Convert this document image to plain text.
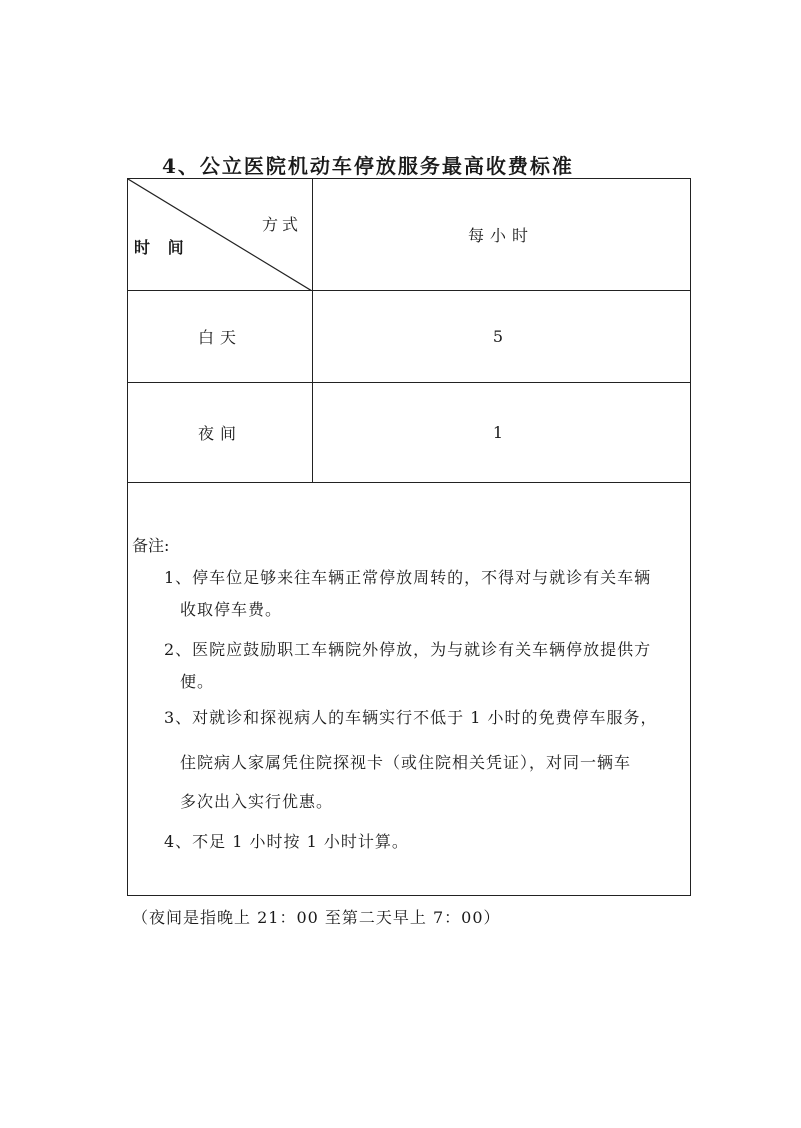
4、公立医院机动车停放服务最高收费标准
方式
时 间
每小时
白天	5
夜间	1
备注:
1、停车位足够来往车辆正常停放周转的，不得对与就诊有关车辆
收取停车费。
2、医院应鼓励职工车辆院外停放，为与就诊有关车辆停放提供方
便。
3、对就诊和探视病人的车辆实行不低于 1 小时的免费停车服务，
住院病人家属凭住院探视卡（或住院相关凭证），对同一辆车
多次出入实行优惠。
4、不足 1 小时按 1 小时计算。
（夜间是指晚上 21：00 至第二天早上 7：00）
